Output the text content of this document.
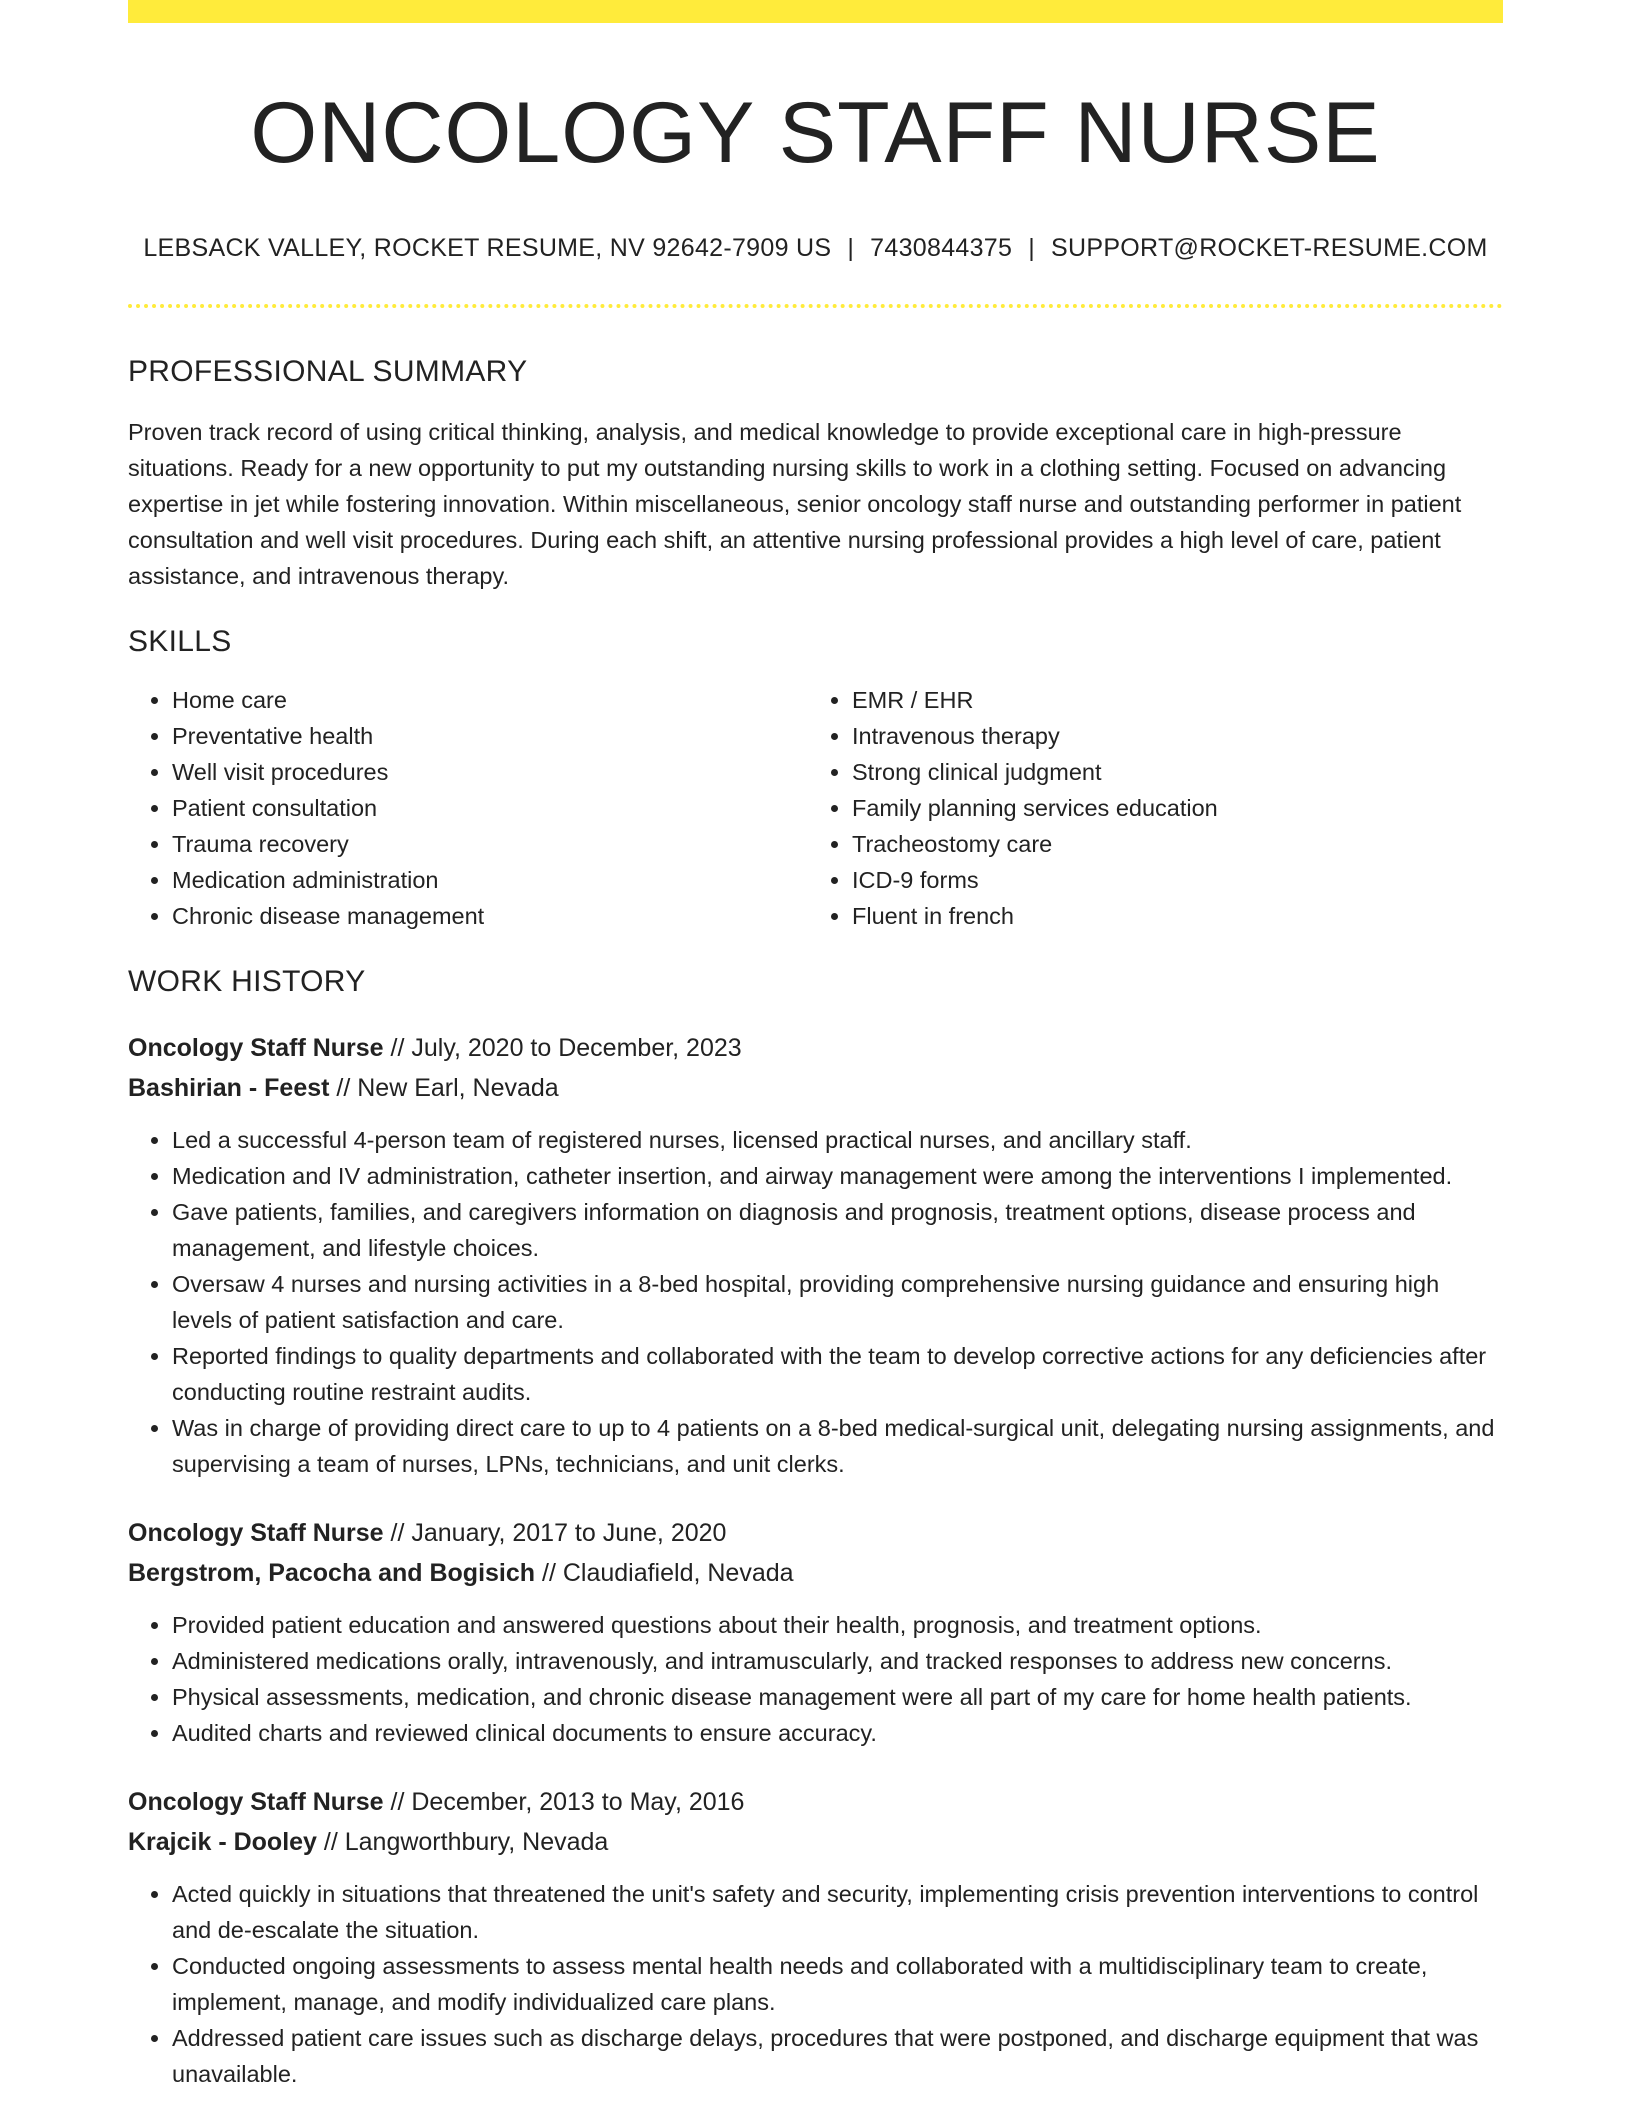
ONCOLOGY STAFF NURSE
LEBSACK VALLEY, ROCKET RESUME, NV 92642-7909 US | 7430844375 | SUPPORT@ROCKET-RESUME.COM
PROFESSIONAL SUMMARY
Proven track record of using critical thinking, analysis, and medical knowledge to provide exceptional care in high-pressure situations. Ready for a new opportunity to put my outstanding nursing skills to work in a clothing setting. Focused on advancing expertise in jet while fostering innovation. Within miscellaneous, senior oncology staff nurse and outstanding performer in patient consultation and well visit procedures. During each shift, an attentive nursing professional provides a high level of care, patient assistance, and intravenous therapy.
SKILLS
• Home care
• Preventative health
• Well visit procedures
• Patient consultation
• Trauma recovery
• Medication administration
• Chronic disease management
• EMR / EHR
• Intravenous therapy
• Strong clinical judgment
• Family planning services education
• Tracheostomy care
• ICD-9 forms
• Fluent in french
WORK HISTORY
Oncology Staff Nurse // July, 2020 to December, 2023
Bashirian - Feest // New Earl, Nevada
• Led a successful 4-person team of registered nurses, licensed practical nurses, and ancillary staff.
• Medication and IV administration, catheter insertion, and airway management were among the interventions I implemented.
• Gave patients, families, and caregivers information on diagnosis and prognosis, treatment options, disease process and management, and lifestyle choices.
• Oversaw 4 nurses and nursing activities in a 8-bed hospital, providing comprehensive nursing guidance and ensuring high levels of patient satisfaction and care.
• Reported findings to quality departments and collaborated with the team to develop corrective actions for any deficiencies after conducting routine restraint audits.
• Was in charge of providing direct care to up to 4 patients on a 8-bed medical-surgical unit, delegating nursing assignments, and supervising a team of nurses, LPNs, technicians, and unit clerks.
Oncology Staff Nurse // January, 2017 to June, 2020
Bergstrom, Pacocha and Bogisich // Claudiafield, Nevada
• Provided patient education and answered questions about their health, prognosis, and treatment options.
• Administered medications orally, intravenously, and intramuscularly, and tracked responses to address new concerns.
• Physical assessments, medication, and chronic disease management were all part of my care for home health patients.
• Audited charts and reviewed clinical documents to ensure accuracy.
Oncology Staff Nurse // December, 2013 to May, 2016
Krajcik - Dooley // Langworthbury, Nevada
• Acted quickly in situations that threatened the unit's safety and security, implementing crisis prevention interventions to control and de-escalate the situation.
• Conducted ongoing assessments to assess mental health needs and collaborated with a multidisciplinary team to create, implement, manage, and modify individualized care plans.
• Addressed patient care issues such as discharge delays, procedures that were postponed, and discharge equipment that was unavailable.
